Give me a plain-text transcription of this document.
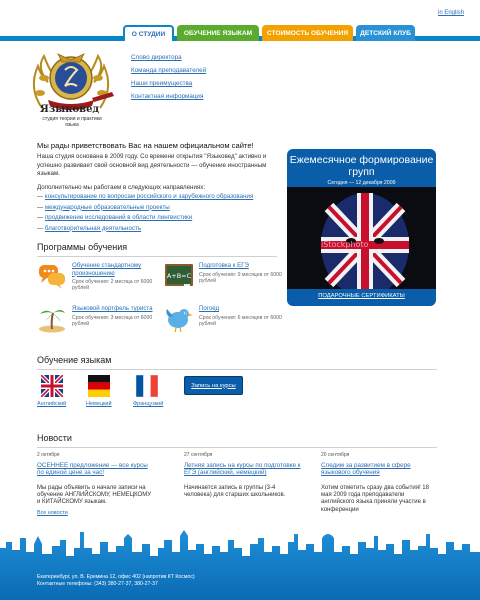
in English
О СТУДИИ	ОБУЧЕНИЕ ЯЗЫКАМ	СТОИМОСТЬ ОБУЧЕНИЯ	ДЕТСКИЙ КЛУБ
Языковед
студия теории и практики языка
Слово директора
Команда преподавателей
Наши преимущества
Контактная информация
Мы рады приветствовать Вас на нашем официальном сайте!
Наша студия основана в 2009 году. Со времени открытия "Языковед" активно и успешно развивает свой основной вид деятельности — обучение иностранным языкам.
Дополнительно мы работаем в следующих направлениях:
— консультирование по вопросам российского и зарубежного образования
— международные образовательные проекты
— продвижение исследований в области лингвистики
— благотворительная деятельность
Программы обучения
Обучение стандартному произношению
Срок обучения: 2 месяца от 6000 рублей
A+B=C
Подготовка к ЕГЭ
Срок обучения: 9 месяцев от 6000 рублей
Языковой портфель туриста
Срок обучения: 3 месяца от 6000 рублей
Погоед
Срок обучения: 6 месяцев от 6000 рублей
Ежемесячное формирование групп
Сегодня — 12 декабря 2009
iStockphoto
ПОДАРОЧНЫЕ СЕРТИФИКАТЫ
Обучение языкам
Английский	Немецкий	Французкий
Запись на курсы
Новости
2 октября
ОСЕННЕЕ предложение — все курсы по единой цене за час!
Мы рады объявить о начале записи на обучение АНГЛИЙСКОМУ, НЕМЕЦКОМУ и КИТАЙСКОМУ языкам.
27 сентября
Летняя запись на курсы по подготовке к ЕГЭ (английский, немецкий)
Начинается запись в группы (3-4 человека) для старших школьников.
20 сентября
Следим за развитием в сфере языкового обучения
Хотим отметить сразу два события! 18 мая 2009 года преподаватели английского языка приняли участие в конференции
Все новости
Екатеринбург, ул. В. Еремина 12, офис 402 (напротив КТ Космос)
Контактные телефоны: (343) 380-27-37, 380-27-37
